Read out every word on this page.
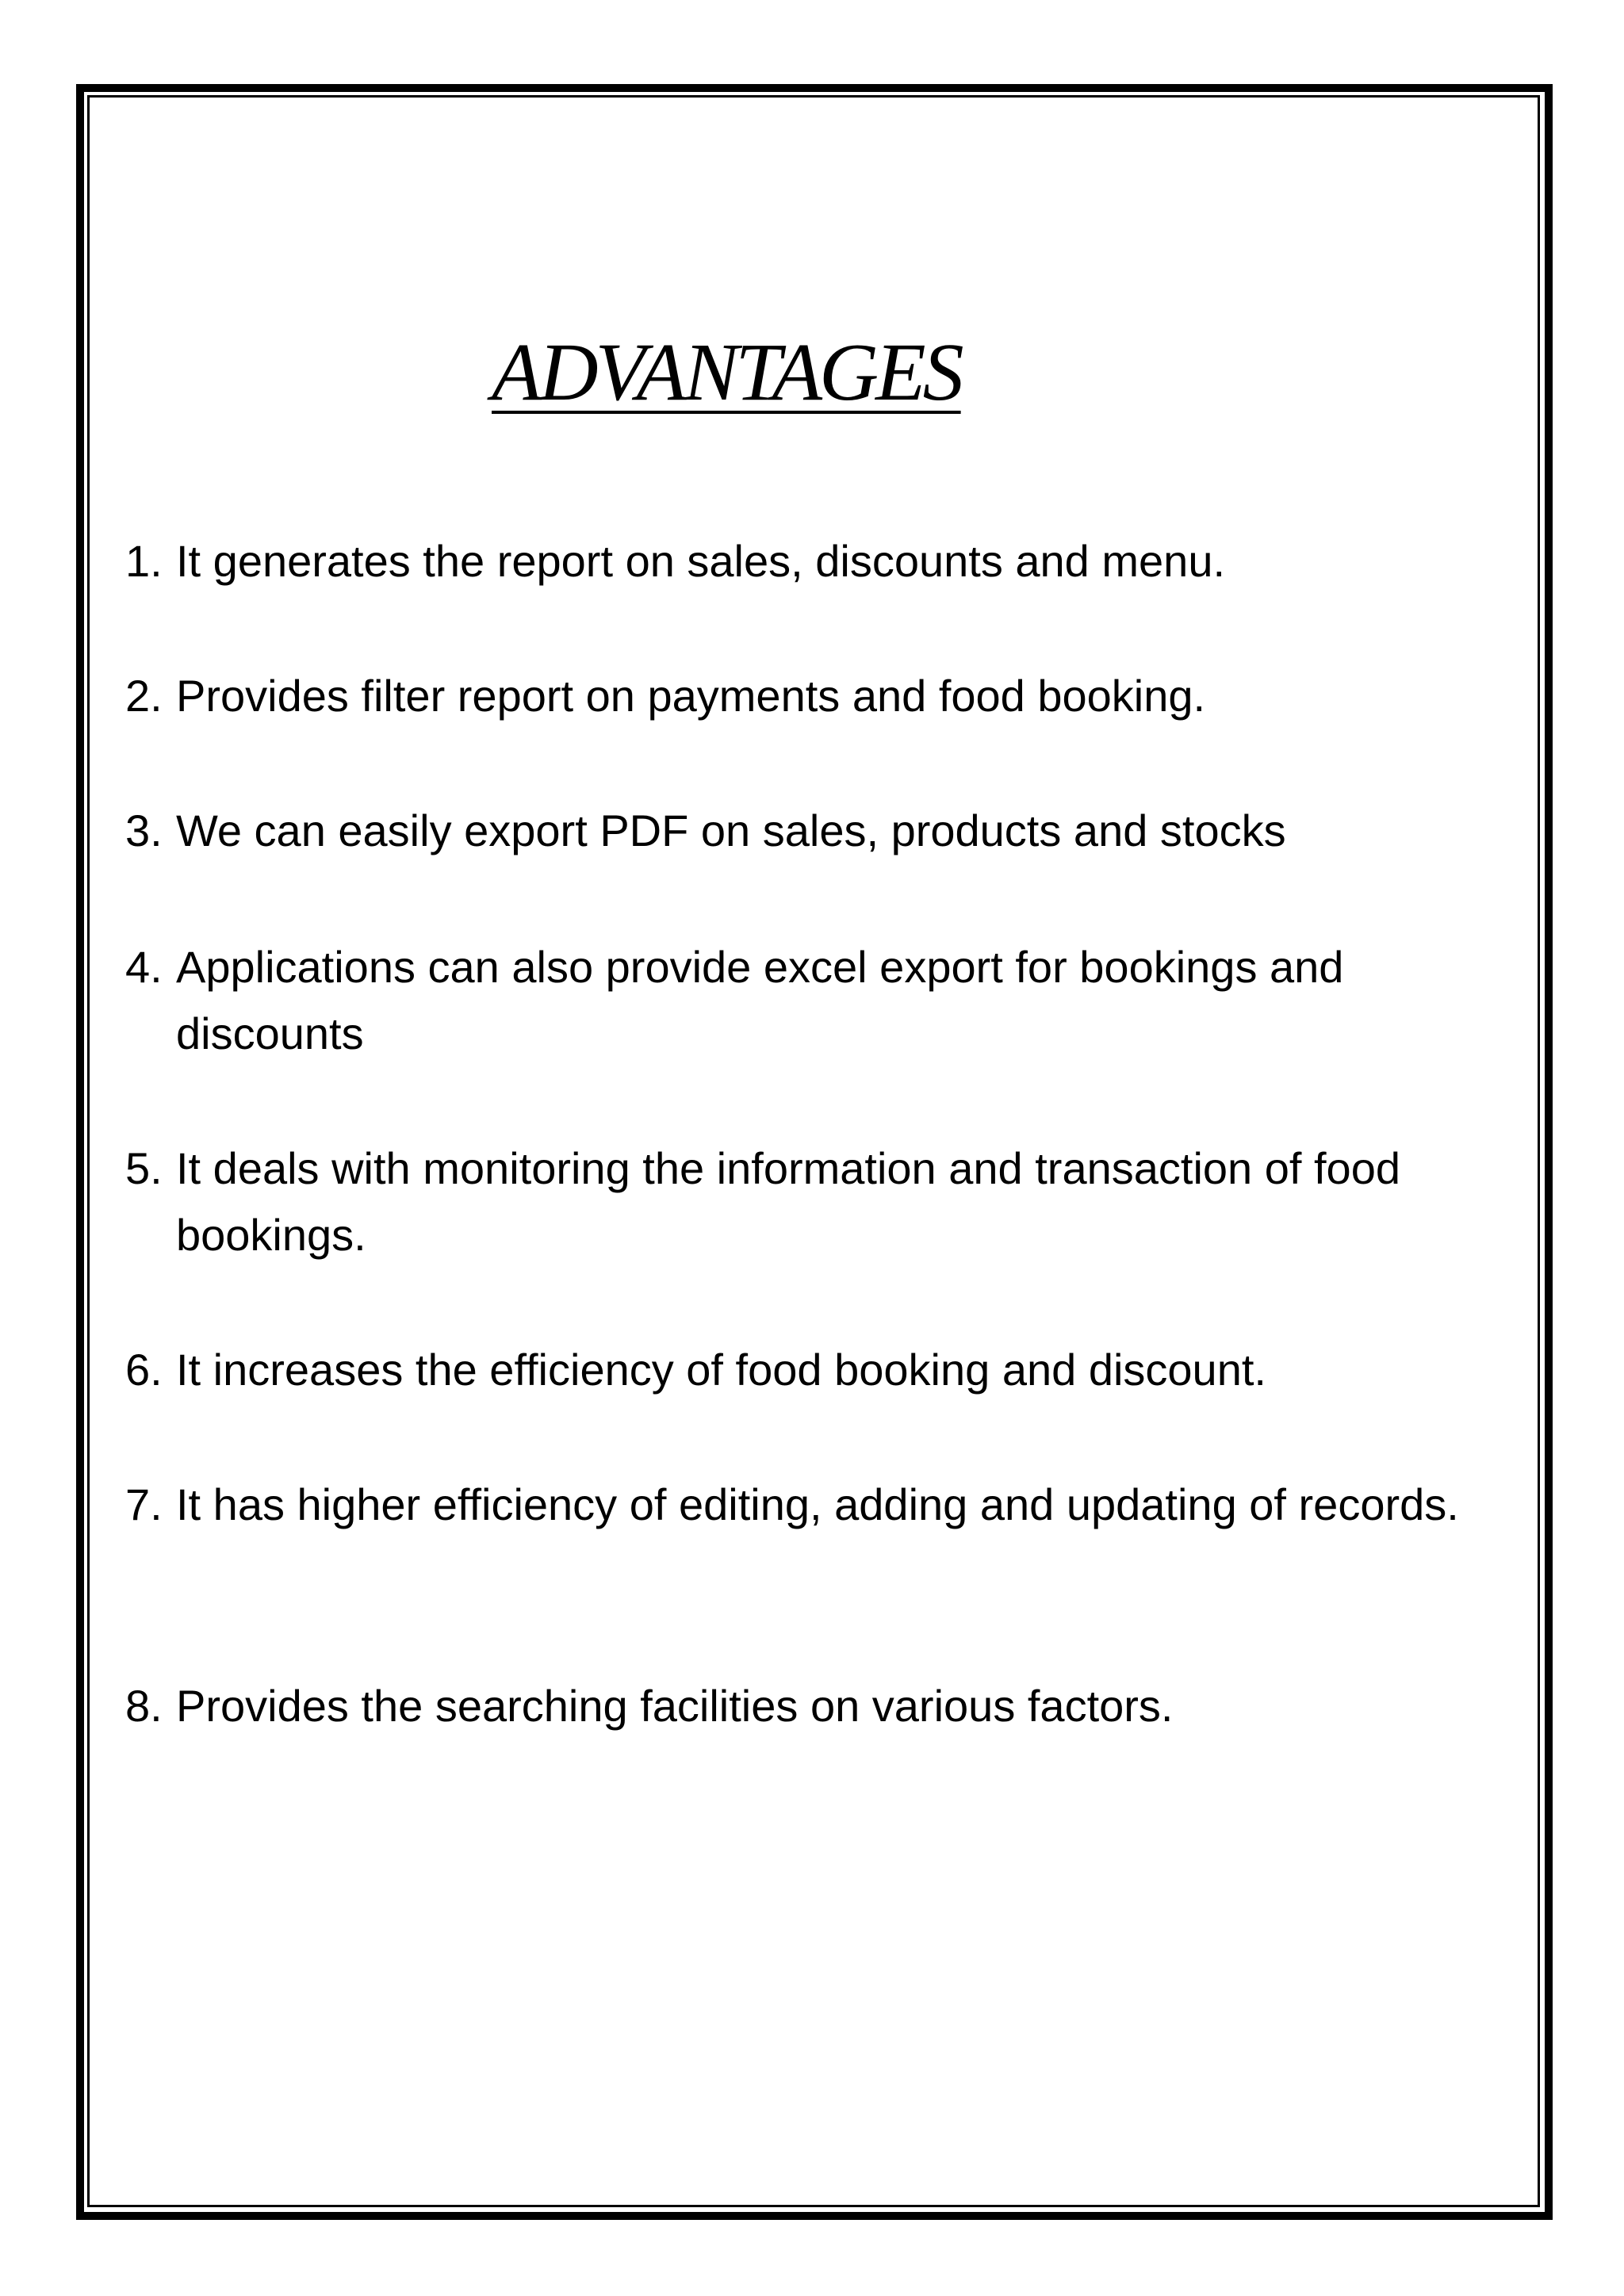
ADVANTAGES
1. It generates the report on sales, discounts and menu.
2. Provides filter report on payments and food booking.
3. We can easily export PDF on sales, products and stocks
4. Applications can also provide excel export for bookings and discounts
5. It deals with monitoring the information and transaction of food bookings.
6. It increases the efficiency of food booking and discount.
7. It has higher efficiency of editing, adding and updating of records.
8. Provides the searching facilities on various factors.
